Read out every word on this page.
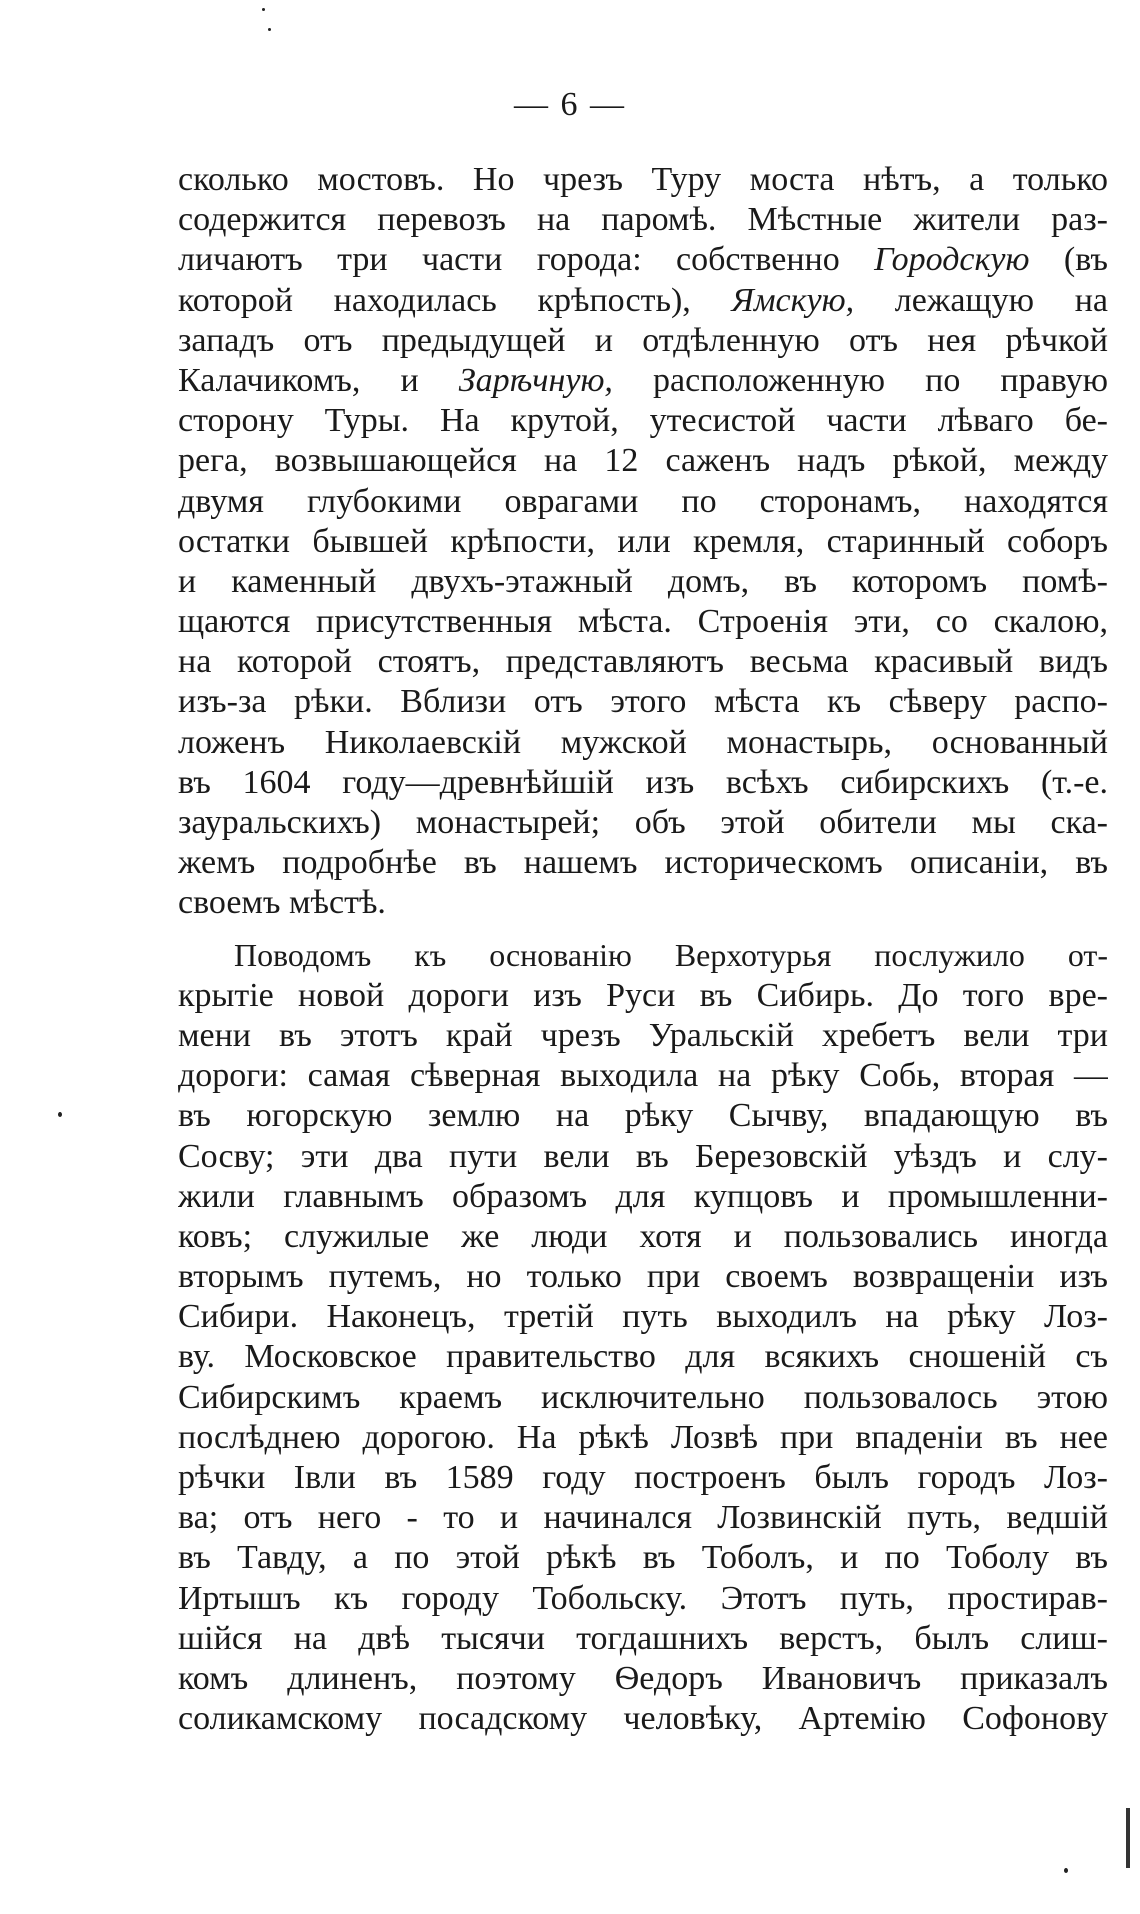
— 6 —
сколько мостовъ. Но чрезъ Туру моста нѣтъ, а только
содержится перевозъ на паромѣ. Мѣстные жители раз-
личаютъ три части города: собственно Городскую (въ
которой находилась крѣпость), Ямскую, лежащую на
западъ отъ предыдущей и отдѣленную отъ нея рѣчкой
Калачикомъ, и Зарѣчную, расположенную по правую
сторону Туры. На крутой, утесистой части лѣваго бе-
рега, возвышающейся на 12 саженъ надъ рѣкой, между
двумя глубокими оврагами по сторонамъ, находятся
остатки бывшей крѣпости, или кремля, старинный соборъ
и каменный двухъ-этажный домъ, въ которомъ помѣ-
щаются присутственныя мѣста. Строенія эти, со скалою,
на которой стоятъ, представляютъ весьма красивый видъ
изъ-за рѣки. Вблизи отъ этого мѣста къ сѣверу распо-
ложенъ Николаевскій мужской монастырь, основанный
въ 1604 году—древнѣйшій изъ всѣхъ сибирскихъ (т.-е.
зауральскихъ) монастырей; объ этой обители мы ска-
жемъ подробнѣе въ нашемъ историческомъ описаніи, въ
своемъ мѣстѣ.
Поводомъ къ основанію Верхотурья послужило от-
крытіе новой дороги изъ Руси въ Сибирь. До того вре-
мени въ этотъ край чрезъ Уральскій хребетъ вели три
дороги: самая сѣверная выходила на рѣку Собь, вторая —
въ югорскую землю на рѣку Сычву, впадающую въ
Сосву; эти два пути вели въ Березовскій уѣздъ и слу-
жили главнымъ образомъ для купцовъ и промышленни-
ковъ; служилые же люди хотя и пользовались иногда
вторымъ путемъ, но только при своемъ возвращеніи изъ
Сибири. Наконецъ, третій путь выходилъ на рѣку Лоз-
ву. Московское правительство для всякихъ сношеній съ
Сибирскимъ краемъ исключительно пользовалось этою
послѣднею дорогою. На рѣкѣ Лозвѣ при впаденіи въ нее
рѣчки Івли въ 1589 году построенъ былъ городъ Лоз-
ва; отъ него - то и начинался Лозвинскій путь, ведшій
въ Тавду, а по этой рѣкѣ въ Тоболъ, и по Тоболу въ
Иртышъ къ городу Тобольску. Этотъ путь, простирав-
шійся на двѣ тысячи тогдашнихъ верстъ, былъ слиш-
комъ длиненъ, поэтому Ѳедоръ Ивановичъ приказалъ
соликамскому посадскому человѣку, Артемію Софонову
